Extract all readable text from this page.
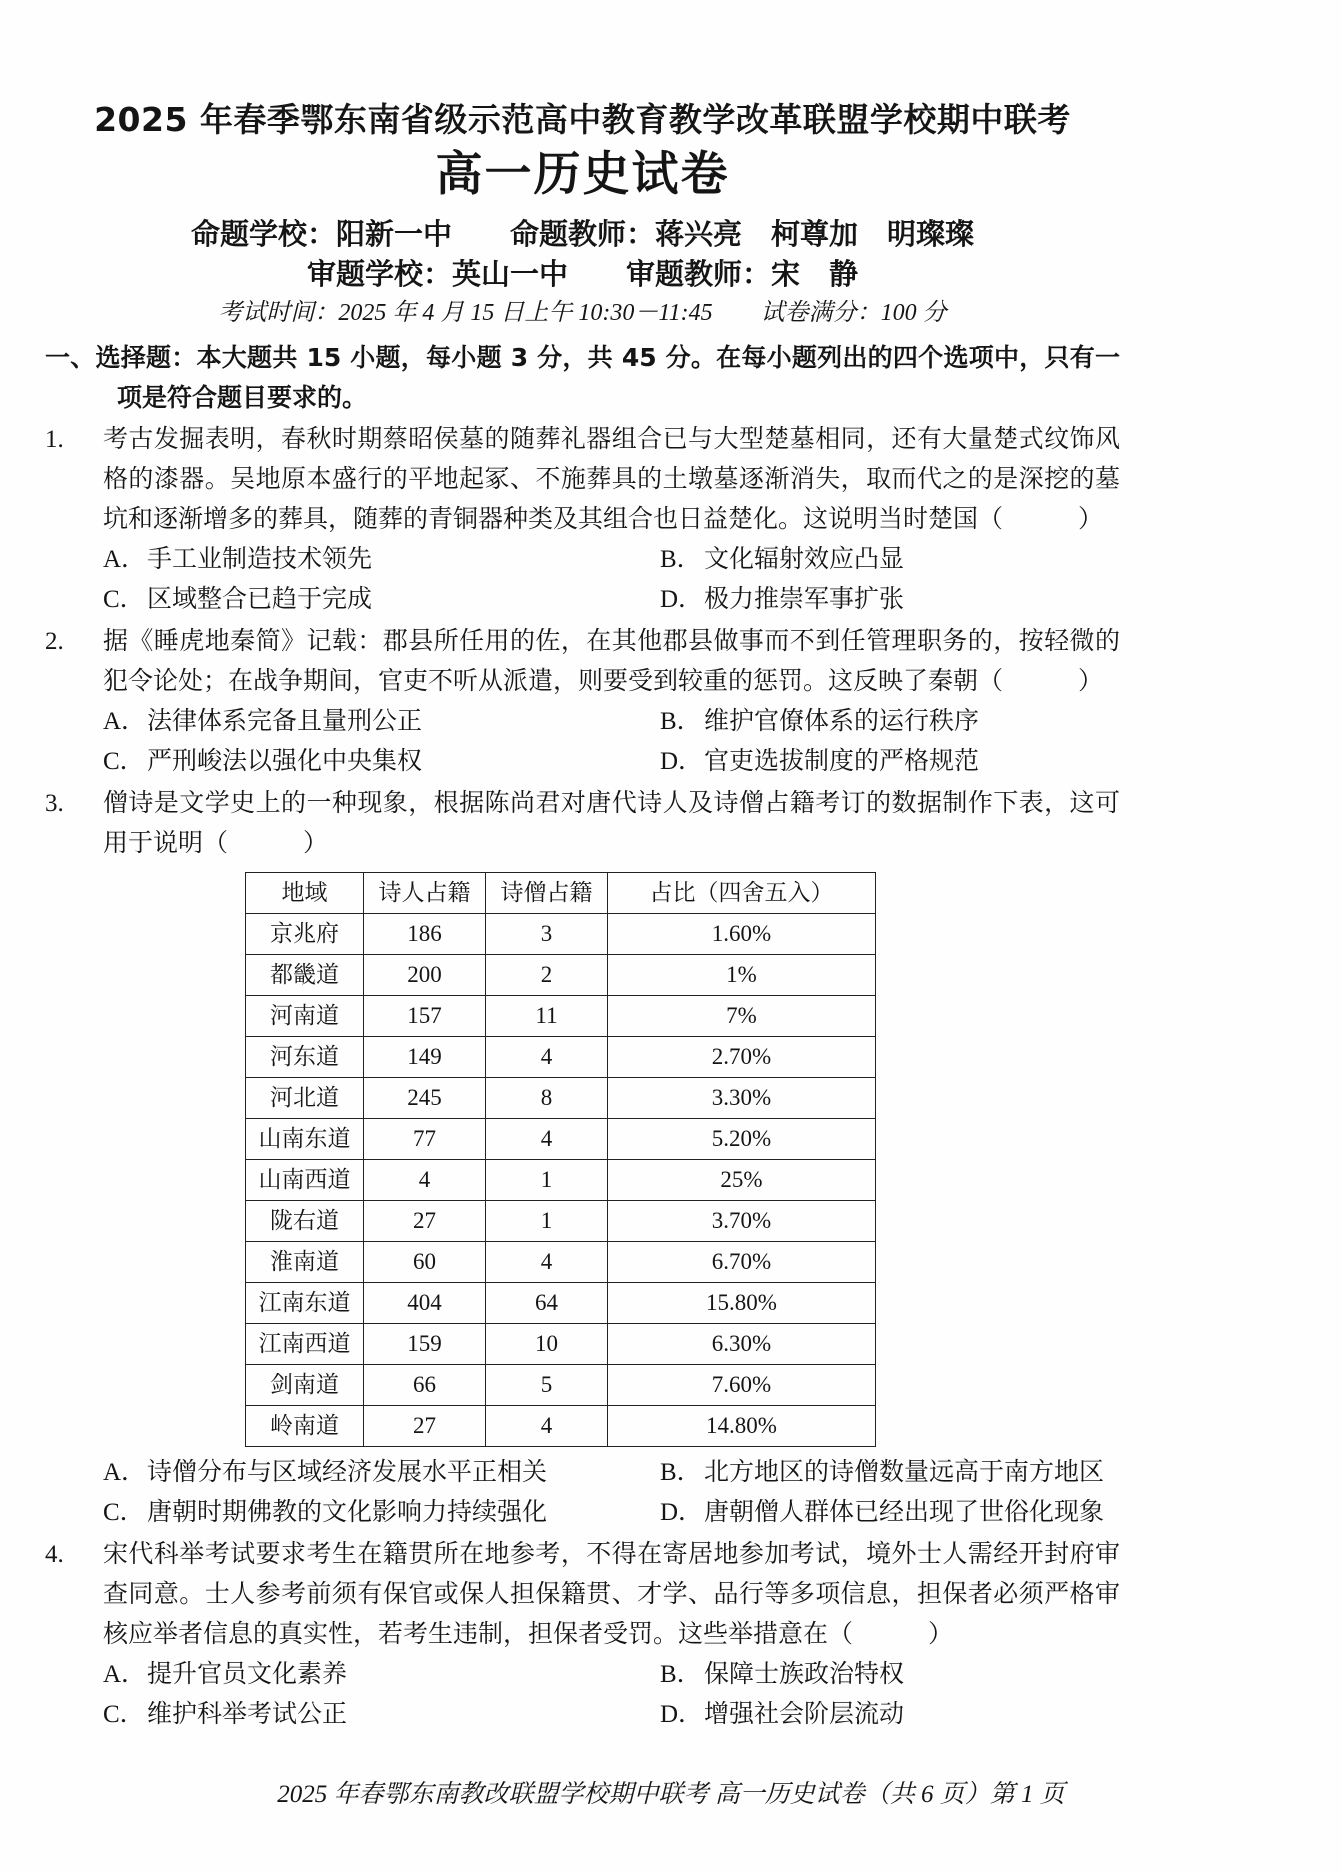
2025 年春季鄂东南省级示范高中教育教学改革联盟学校期中联考
高一历史试卷
命题学校：阳新一中　　命题教师：蒋兴亮　柯尊加　明璨璨
审题学校：英山一中　　审题教师：宋　静
考试时间：2025 年 4 月 15 日上午 10:30－11:45　　试卷满分：100 分
一、选择题：本大题共 15 小题，每小题 3 分，共 45 分。在每小题列出的四个选项中，只有一项是符合题目要求的。
1.	考古发掘表明，春秋时期蔡昭侯墓的随葬礼器组合已与大型楚墓相同，还有大量楚式纹饰风格的漆器。吴地原本盛行的平地起冢、不施葬具的土墩墓逐渐消失，取而代之的是深挖的墓坑和逐渐增多的葬具，随葬的青铜器种类及其组合也日益楚化。这说明当时楚国（　　　）
A．手工业制造技术领先	B．文化辐射效应凸显
C．区域整合已趋于完成	D．极力推崇军事扩张
2.	据《睡虎地秦简》记载：郡县所任用的佐，在其他郡县做事而不到任管理职务的，按轻微的犯令论处；在战争期间，官吏不听从派遣，则要受到较重的惩罚。这反映了秦朝（　　　）
A．法律体系完备且量刑公正	B．维护官僚体系的运行秩序
C．严刑峻法以强化中央集权	D．官吏选拔制度的严格规范
3.	僧诗是文学史上的一种现象，根据陈尚君对唐代诗人及诗僧占籍考订的数据制作下表，这可用于说明（　　　）
地域	诗人占籍	诗僧占籍	占比（四舍五入）
京兆府	186	3	1.60%
都畿道	200	2	1%
河南道	157	11	7%
河东道	149	4	2.70%
河北道	245	8	3.30%
山南东道	77	4	5.20%
山南西道	4	1	25%
陇右道	27	1	3.70%
淮南道	60	4	6.70%
江南东道	404	64	15.80%
江南西道	159	10	6.30%
剑南道	66	5	7.60%
岭南道	27	4	14.80%
A．诗僧分布与区域经济发展水平正相关	B．北方地区的诗僧数量远高于南方地区
C．唐朝时期佛教的文化影响力持续强化	D．唐朝僧人群体已经出现了世俗化现象
4.	宋代科举考试要求考生在籍贯所在地参考，不得在寄居地参加考试，境外士人需经开封府审查同意。士人参考前须有保官或保人担保籍贯、才学、品行等多项信息，担保者必须严格审核应举者信息的真实性，若考生违制，担保者受罚。这些举措意在（　　　）
A．提升官员文化素养	B．保障士族政治特权
C．维护科举考试公正	D．增强社会阶层流动
2025 年春鄂东南教改联盟学校期中联考 高一历史试卷（共 6 页）第 1 页
